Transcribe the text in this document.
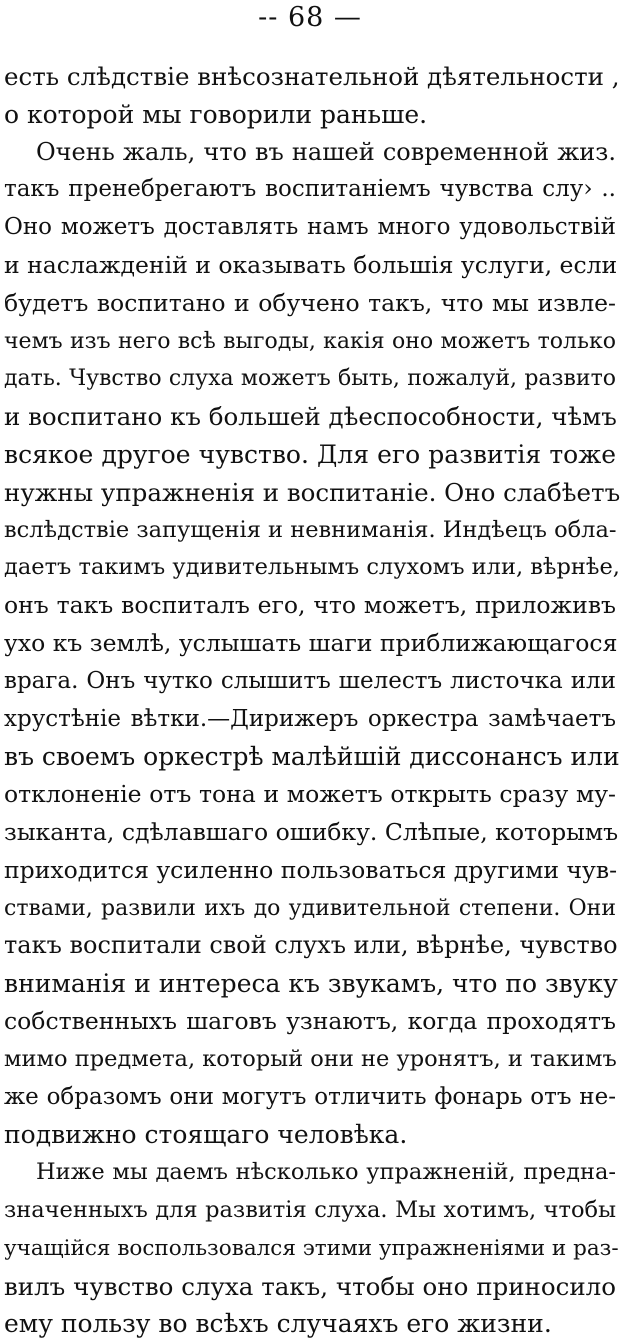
-- 68 —
есть слѣдствіе внѣсознательной дѣятельности ,
о которой мы говорили раньше.
Очень жаль, что въ нашей современной жиз.
такъ пренебрегаютъ воспитаніемъ чувства слу› ..
Оно можетъ доставлять намъ много удовольствій
и наслажденій и оказывать большія услуги, если
будетъ воспитано и обучено такъ, что мы извле-
чемъ изъ него всѣ выгоды, какія оно можетъ только
дать. Чувство слуха можетъ быть, пожалуй, развито
и воспитано къ большей дѣеспособности, чѣмъ
всякое другое чувство. Для его развитія тоже
нужны упражненія и воспитаніе. Оно слабѣетъ
вслѣдствіе запущенія и невниманія. Индѣецъ обла-
даетъ такимъ удивительнымъ слухомъ или, вѣрнѣе,
онъ такъ воспиталъ его, что можетъ, приложивъ
ухо къ землѣ, услышать шаги приближающагося
врага. Онъ чутко слышитъ шелестъ листочка или
хрустѣніе вѣтки.—Дирижеръ оркестра замѣчаетъ
въ своемъ оркестрѣ малѣйшій диссонансъ или
отклоненіе отъ тона и можетъ открыть сразу му-
зыканта, сдѣлавшаго ошибку. Слѣпые, которымъ
приходится усиленно пользоваться другими чув-
ствами, развили ихъ до удивительной степени. Они
такъ воспитали свой слухъ или, вѣрнѣе, чувство
вниманія и интереса къ звукамъ, что по звуку
собственныхъ шаговъ узнаютъ, когда проходятъ
мимо предмета, который они не уронятъ, и такимъ
же образомъ они могутъ отличить фонарь отъ не-
подвижно стоящаго человѣка.
Ниже мы даемъ нѣсколько упражненій, предна-
значенныхъ для развитія слуха. Мы хотимъ, чтобы
учащійся воспользовался этими упражненіями и раз-
вилъ чувство слуха такъ, чтобы оно приносило
ему пользу во всѣхъ случаяхъ его жизни.
